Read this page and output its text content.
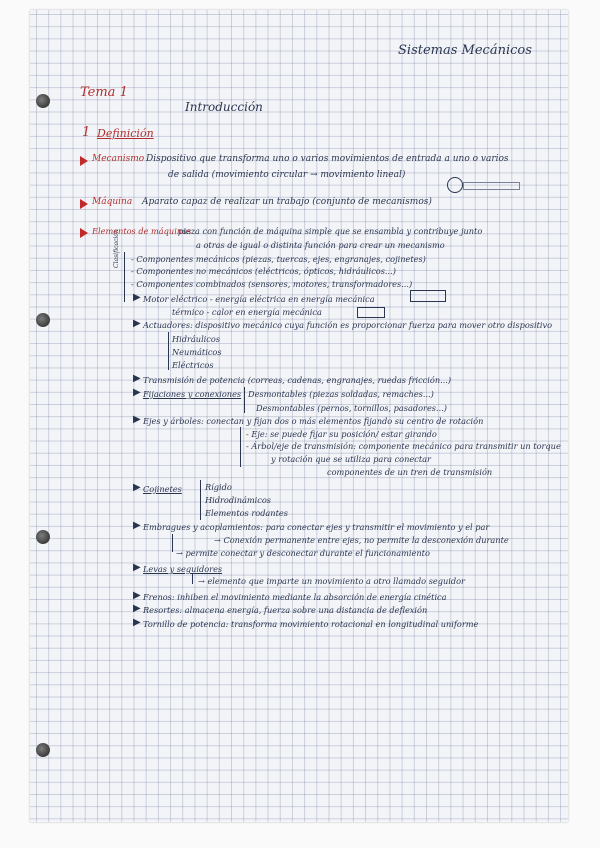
Sistemas Mecánicos
Tema 1
Introducción
1 Definición
Mecanismo Dispositivo que transforma uno o varios movimientos de entrada a uno o varios
de salida (movimiento circular → movimiento lineal)
Máquina Aparato capaz de realizar un trabajo (conjunto de mecanismos)
Elementos de máquinas
pieza con función de máquina simple que se ensambla y contribuye junto
a otras de igual o distinta función para crear un mecanismo
Clasificación - Componentes mecánicos (piezas, tuercas, ejes, engranajes, cojinetes)
- Componentes no mecánicos (eléctricos, ópticos, hidráulicos...)
- Componentes combinados (sensores, motores, transformadores...)
▶ Motor eléctrico - energía eléctrica en energía mecánica
térmico - calor en energía mecánica
▶ Actuadores: dispositivo mecánico cuya función es proporcionar fuerza para mover otro dispositivo
Hidráulicos
Neumáticos
Eléctricos
▶ Transmisión de potencia (correas, cadenas, engranajes, ruedas fricción...)
▶ Fijaciones y conexiones Desmontables (piezas soldadas, remaches...)
Desmontables (pernos, tornillos, pasadores...)
▶ Ejes y árboles: conectan y fijan dos o más elementos fijando su centro de rotación
- Eje: se puede fijar su posición/ estar girando
- Árbol/eje de transmisión: componente mecánico para transmitir un torque
y rotación que se utiliza para conectar
componentes de un tren de transmisión
▶ Cojinetes	Rígido
Hidrodinámicos
Elementos rodantes
▶ Embragues y acoplamientos: para conectar ejes y transmitir el movimiento y el par
→ Conexión permanente entre ejes, no permite la desconexión durante
→ permite conectar y desconectar durante el funcionamiento
▶ Levas y seguidores
→ elemento que imparte un movimiento a otro llamado seguidor
▶ Frenos: inhiben el movimiento mediante la absorción de energía cinética
▶ Resortes: almacena energía, fuerza sobre una distancia de deflexión
▶ Tornillo de potencia: transforma movimiento rotacional en longitudinal uniforme
